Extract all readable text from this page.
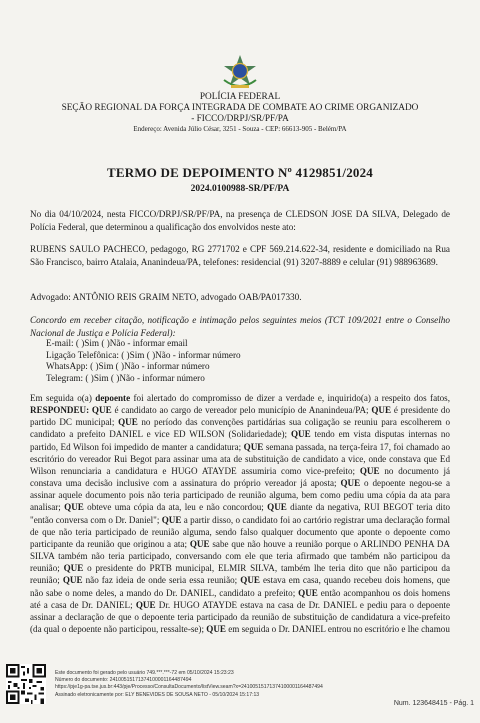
POLÍCIA FEDERAL
SEÇÃO REGIONAL DA FORÇA INTEGRADA DE COMBATE AO CRIME ORGANIZADO
- FICCO/DRPJ/SR/PF/PA
Endereço: Avenida Júlio César, 3251 - Souza - CEP: 66613-905 - Belém/PA
TERMO DE DEPOIMENTO Nº 4129851/2024
2024.0100988-SR/PF/PA

No dia 04/10/2024, nesta FICCO/DRPJ/SR/PF/PA, na presença de CLEDSON JOSE DA SILVA, Delegado de Polícia Federal, que determinou a qualificação dos envolvidos neste ato:

RUBENS SAULO PACHECO, pedagogo, RG 2771702 e CPF 569.214.622-34, residente e domiciliado na Rua São Francisco, bairro Atalaia, Ananindeua/PA, telefones: residencial (91) 3207-8889 e celular (91) 988963689.

Advogado: ANTÔNIO REIS GRAIM NETO, advogado OAB/PA017330.

Concordo em receber citação, notificação e intimação pelos seguintes meios (TCT 109/2021 entre o Conselho Nacional de Justiça e Polícia Federal):

E-mail: ( )Sim ( )Não - informar email
Ligação Telefônica: ( )Sim ( )Não - informar número
WhatsApp: ( )Sim ( )Não - informar número
Telegram: ( )Sim ( )Não - informar número

Em seguida o(a) depoente foi alertado do compromisso de dizer a verdade e, inquirido(a) a respeito dos fatos, RESPONDEU: QUE é candidato ao cargo de vereador pelo município de Ananindeua/PA; QUE é presidente do partido DC municipal; QUE no período das convenções partidárias sua coligação se reuniu para escolherem o candidato a prefeito DANIEL e vice ED WILSON (Solidariedade); QUE tendo em vista disputas internas no partido, Ed Wilson foi impedido de manter a candidatura; QUE semana passada, na terça-feira 17, foi chamado ao escritório do vereador Rui Begot para assinar uma ata de substituição de candidato a vice, onde constava que Ed Wilson renunciaria a candidatura e HUGO ATAYDE assumiria como vice-prefeito; QUE no documento já constava uma decisão inclusive com a assinatura do próprio vereador já aposta; QUE o depoente negou-se a assinar aquele documento pois não teria participado de reunião alguma, bem como pediu uma cópia da ata para analisar; QUE obteve uma cópia da ata, leu e não concordou; QUE diante da negativa, RUI BEGOT teria dito "então conversa com o Dr. Daniel"; QUE a partir disso, o candidato foi ao cartório registrar uma declaração formal de que não teria participado de reunião alguma, sendo falso qualquer documento que aponte o depoente como participante da reunião que originou a ata; QUE sabe que não houve a reunião porque o ARLINDO PENHA DA SILVA também não teria participado, conversando com ele que teria afirmado que também não participou da reunião; QUE o presidente do PRTB municipal, ELMIR SILVA, também lhe teria dito que não participou da reunião; QUE não faz ideia de onde seria essa reunião; QUE estava em casa, quando recebeu dois homens, que não sabe o nome deles, a mando do Dr. DANIEL, candidato a prefeito; QUE então acompanhou os dois homens até a casa de Dr. DANIEL; QUE Dr. HUGO ATAYDE estava na casa de Dr. DANIEL e pediu para o depoente assinar a declaração de que o depoente teria participado da reunião de substituição de candidatura a vice-prefeito (da qual o depoente não participou, ressalte-se); QUE em seguida o Dr. DANIEL entrou no escritório e lhe chamou

Este documento foi gerado pelo usuário 749.***.***-72 em 05/10/2024 15:23:23
Número do documento: 24100515171374100001164487494
https://pje1g-pa.tse.jus.br:443/pje/Processo/ConsultaDocumento/listView.seam?x=24100515171374100001164487494
Assinado eletronicamente por: ELY BENEVIDES DE SOUSA NETO - 05/10/2024 15:17:13
Num. 123648415 - Pág. 1
